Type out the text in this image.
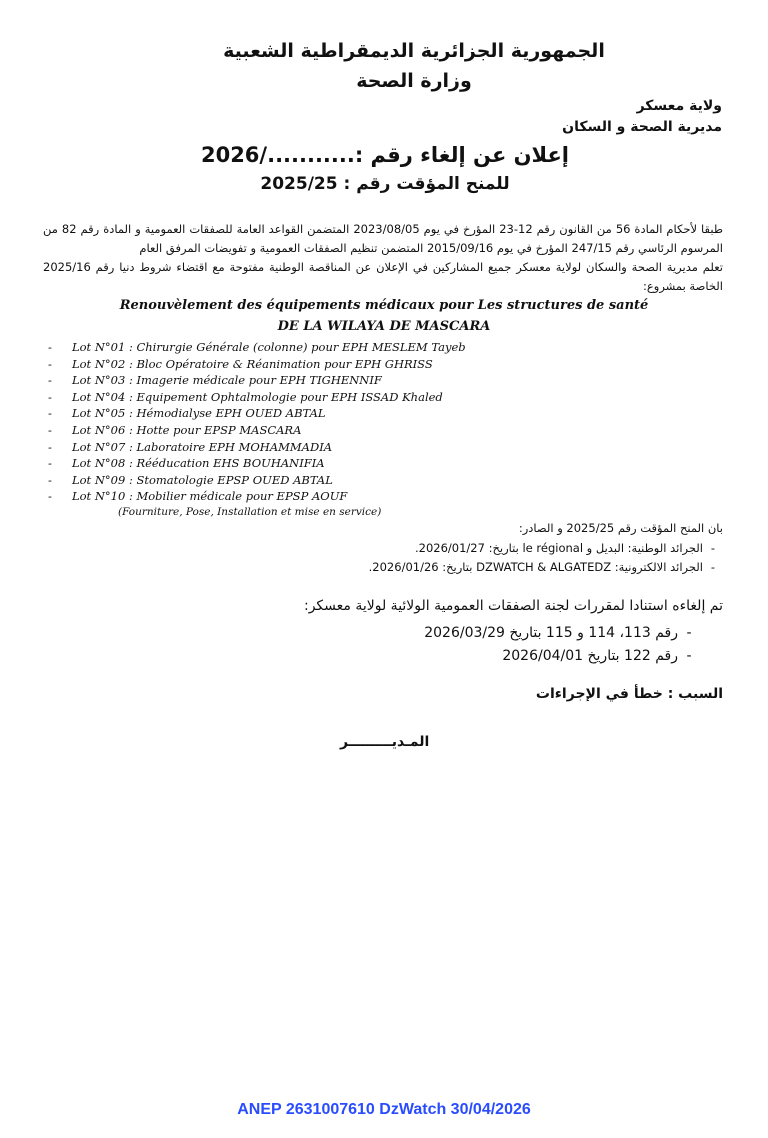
الجمهورية الجزائرية الديمقراطية الشعبية
وزارة الصحة
ولاية معسكر
مديرية الصحة و السكان
إعلان عن إلغاء رقم :.........../2026
للمنح المؤقت رقم : 2025/25
طبقا لأحكام المادة 56 من القانون رقم 12-23 المؤرخ في يوم 2023/08/05 المتضمن القواعد العامة للصفقات العمومية و المادة رقم 82 من المرسوم الرئاسي رقم 247/15 المؤرخ في يوم 2015/09/16 المتضمن تنظيم الصفقات العمومية و تفويضات المرفق العام
تعلم مديرية الصحة والسكان لولاية معسكر جميع المشاركين في الإعلان عن المناقصة الوطنية مفتوحة مع اقتضاء شروط دنيا رقم 2025/16 الخاصة بمشروع:
Renouvèlement des équipements médicaux pour Les structures de santé
DE LA WILAYA DE MASCARA
-	Lot N°01 : Chirurgie Générale (colonne) pour EPH MESLEM Tayeb
-	Lot N°02 : Bloc Opératoire & Réanimation pour EPH GHRISS
-	Lot N°03 : Imagerie médicale pour EPH TIGHENNIF
-	Lot N°04 : Equipement Ophtalmologie pour EPH ISSAD Khaled
-	Lot N°05 : Hémodialyse EPH OUED ABTAL
-	Lot N°06 : Hotte pour EPSP MASCARA
-	Lot N°07 : Laboratoire EPH MOHAMMADIA
-	Lot N°08 : Rééducation EHS BOUHANIFIA
-	Lot N°09 : Stomatologie EPSP OUED ABTAL
-	Lot N°10 : Mobilier médicale pour EPSP AOUF
(Fourniture, Pose, Installation et mise en service)
بان المنح المؤقت رقم 2025/25 و الصادر:
-
الجرائد الوطنية: البديل و le régional بتاريخ: 2026/01/27.
-
الجرائد الالكترونية: DZWATCH & ALGATEDZ بتاريخ: 2026/01/26.
تم إلغاءه استنادا لمقررات لجنة الصفقات العمومية الولائية لولاية معسكر:
-
رقم 113، 114 و 115 بتاريخ 2026/03/29
-
رقم 122 بتاريخ 2026/04/01
السبب : خطأ في الإجراءات
المـديـــــــــر
ANEP 2631007610 DzWatch 30/04/2026
